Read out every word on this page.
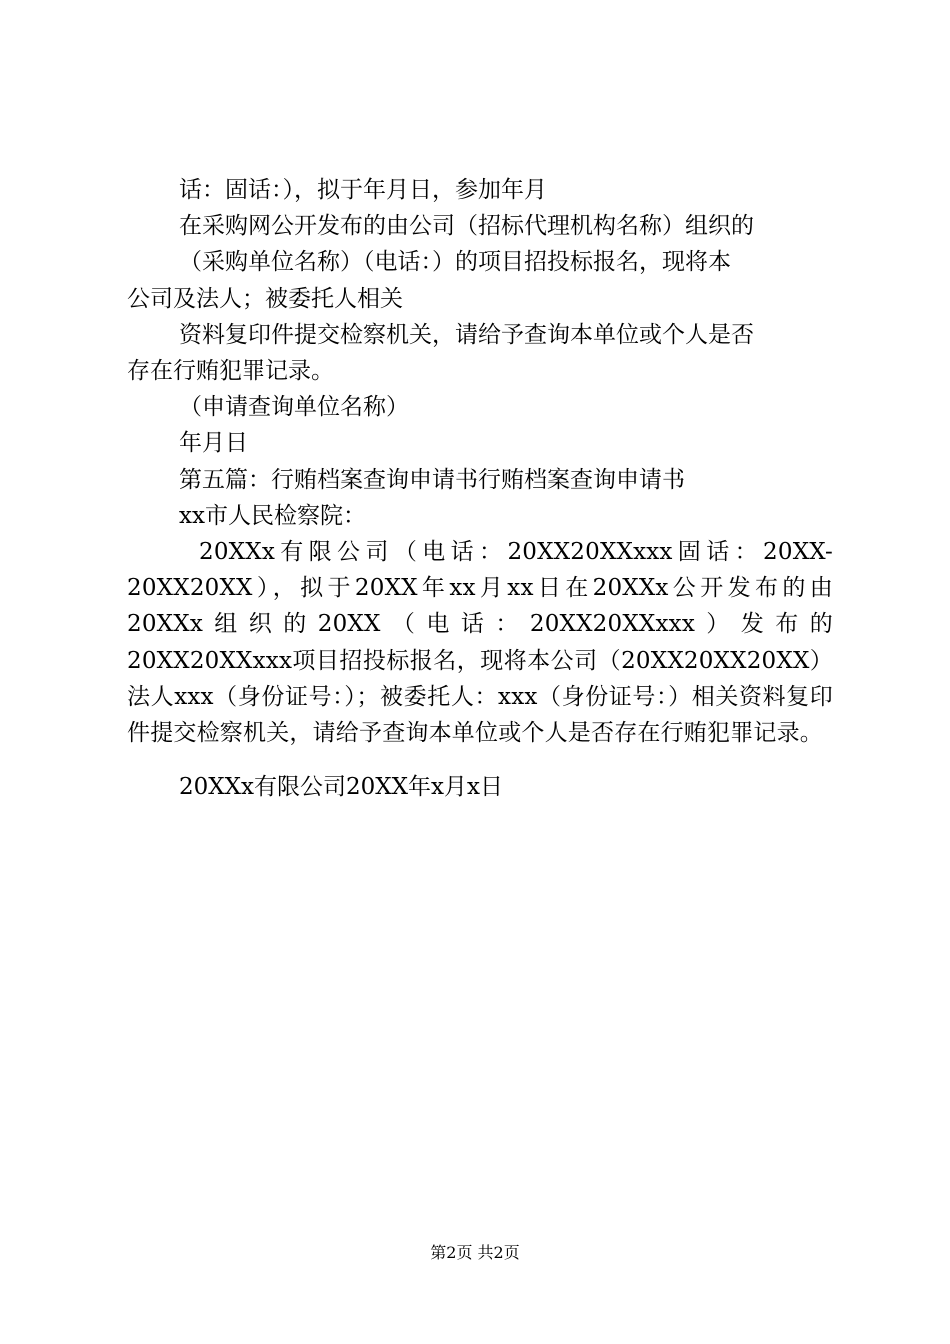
话：固话：），拟于年月日，参加年月

在采购网公开发布的由公司（招标代理机构名称）组织的

（采购单位名称）（电话：）的项目招投标报名，现将本

公司及法人；被委托人相关

资料复印件提交检察机关，请给予查询本单位或个人是否

存在行贿犯罪记录。

（申请查询单位名称）

年月日

第五篇：行贿档案查询申请书行贿档案查询申请书

xx市人民检察院：

20XXx有限公司（电话：20XX20XXxxx固话：20XX-20XX20XX），拟于20XX年xx月xx日在20XXx公开发布的由20XXx组织的20XX（电话：20XX20XXxxx）发布的20XX20XXxxx项目招投标报名，现将本公司（20XX20XX20XX）法人xxx（身份证号：）；被委托人：xxx（身份证号：）相关资料复印件提交检察机关，请给予查询本单位或个人是否存在行贿犯罪记录。

20XXx有限公司20XX年x月x日

第2页 共2页
